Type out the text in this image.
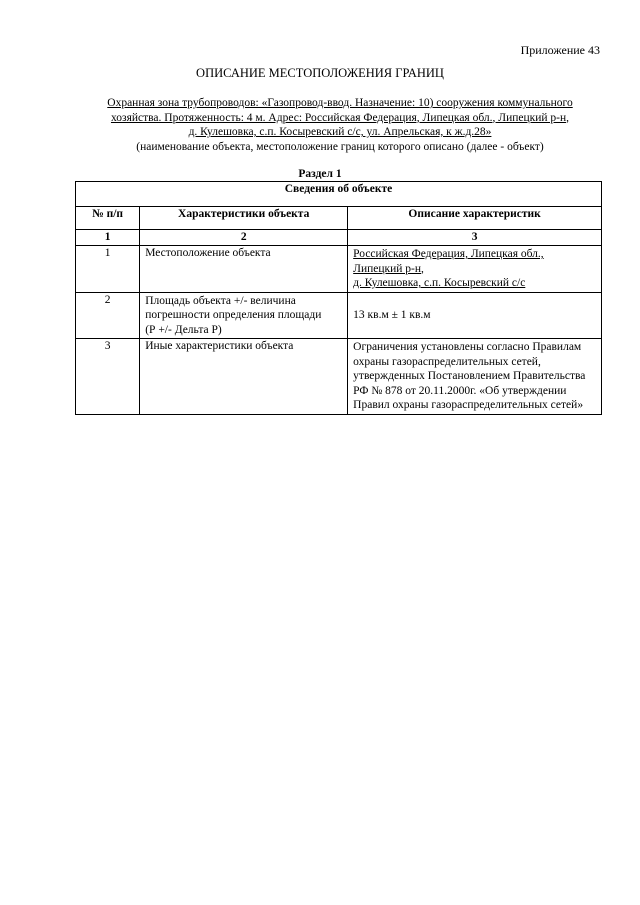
Приложение 43
ОПИСАНИЕ МЕСТОПОЛОЖЕНИЯ ГРАНИЦ
Охранная зона трубопроводов: «Газопровод-ввод. Назначение: 10) сооружения коммунального
хозяйства. Протяженность: 4 м. Адрес: Российская Федерация, Липецкая обл., Липецкий р-н,
д. Кулешовка, с.п. Косыревский с/с, ул. Апрельская, к ж.д.28»
(наименование объекта, местоположение границ которого описано (далее - объект)
Раздел 1
Сведения об объекте		
№ п/п	Характеристики объекта	Описание характеристик
1	2	3
1	Местоположение объекта	Российская Федерация, Липецкая обл.,
Липецкий р-н,
д. Кулешовка, с.п. Косыревский с/с

2	Площадь объекта +/- величина
погрешности определения площади
(Р +/- Дельта Р)	13 кв.м ± 1 кв.м
3	Иные характеристики объекта	Ограничения установлены согласно Правилам
охраны газораспределительных сетей,
утвержденных Постановлением Правительства
РФ № 878 от 20.11.2000г. «Об утверждении
Правил охраны газораспределительных сетей»
